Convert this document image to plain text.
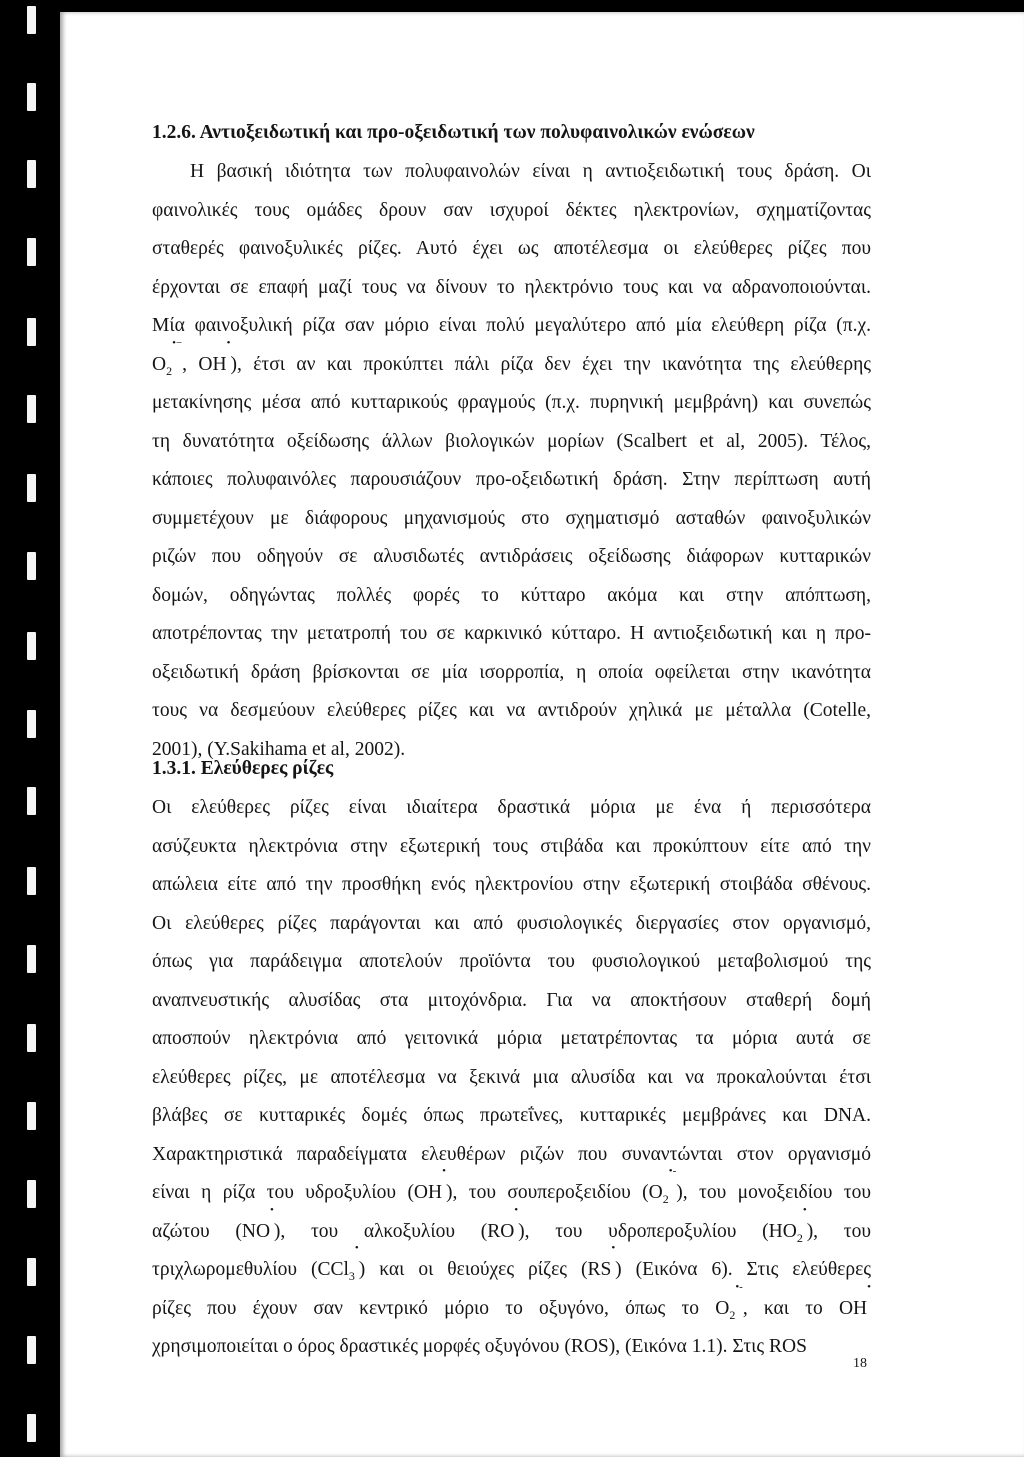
1.2.6. Αντιοξειδωτική και προ-οξειδωτική των πολυφαινολικών ενώσεων
Η βασική ιδιότητα των πολυφαινολών είναι η αντιοξειδωτική τους δράση. Οι
φαινολικές τους ομάδες δρουν σαν ισχυροί δέκτες ηλεκτρονίων, σχηματίζοντας
σταθερές φαινοξυλικές ρίζες. Αυτό έχει ως αποτέλεσμα οι ελεύθερες ρίζες που
έρχονται σε επαφή μαζί τους να δίνουν το ηλεκτρόνιο τους και να αδρανοποιούνται.
Μία φαινοξυλική ρίζα σαν μόριο είναι πολύ μεγαλύτερο από μία ελεύθερη ρίζα (π.χ.
$O_2^{•-}$, OH•), έτσι αν και προκύπτει πάλι ρίζα δεν έχει την ικανότητα της ελεύθερης
μετακίνησης μέσα από κυτταρικούς φραγμούς (π.χ. πυρηνική μεμβράνη) και συνεπώς
τη δυνατότητα οξείδωσης άλλων βιολογικών μορίων (Scalbert et al, 2005). Τέλος,
κάποιες πολυφαινόλες παρουσιάζουν προ-οξειδωτική δράση. Στην περίπτωση αυτή
συμμετέχουν με διάφορους μηχανισμούς στο σχηματισμό ασταθών φαινοξυλικών
ριζών που οδηγούν σε αλυσιδωτές αντιδράσεις οξείδωσης διάφορων κυτταρικών
δομών, οδηγώντας πολλές φορές το κύτταρο ακόμα και στην απόπτωση,
αποτρέποντας την μετατροπή του σε καρκινικό κύτταρο. Η αντιοξειδωτική και η προ-
οξειδωτική δράση βρίσκονται σε μία ισορροπία, η οποία οφείλεται στην ικανότητα
τους να δεσμεύουν ελεύθερες ρίζες και να αντιδρούν χηλικά με μέταλλα (Cotelle,
2001), (Y.Sakihama et al, 2002).
1.3.1. Ελεύθερες ρίζες
Οι ελεύθερες ρίζες είναι ιδιαίτερα δραστικά μόρια με ένα ή περισσότερα
ασύζευκτα ηλεκτρόνια στην εξωτερική τους στιβάδα και προκύπτουν είτε από την
απώλεια είτε από την προσθήκη ενός ηλεκτρονίου στην εξωτερική στοιβάδα σθένους.
Οι ελεύθερες ρίζες παράγονται και από φυσιολογικές διεργασίες στον οργανισμό,
όπως για παράδειγμα αποτελούν προϊόντα του φυσιολογικού μεταβολισμού της
αναπνευστικής αλυσίδας στα μιτοχόνδρια. Για να αποκτήσουν σταθερή δομή
αποσπούν ηλεκτρόνια από γειτονικά μόρια μετατρέποντας τα μόρια αυτά σε
ελεύθερες ρίζες, με αποτέλεσμα να ξεκινά μια αλυσίδα και να προκαλούνται έτσι
βλάβες σε κυτταρικές δομές όπως πρωτεΐνες, κυτταρικές μεμβράνες και DNA.
Χαρακτηριστικά παραδείγματα ελευθέρων ριζών που συναντώνται στον οργανισμό
είναι η ρίζα του υδροξυλίου (OH•), του σουπεροξειδίου $(O_2^{•-})$, του μονοξειδίου του
αζώτου (NO•), του αλκοξυλίου (RO•), του υδροπεροξυλίου $(HO_2^•)$, του
τριχλωρομεθυλίου (CCl$_3$•) και οι θειούχες ρίζες (RS•) (Εικόνα 6). Στις ελεύθερες
ρίζες που έχουν σαν κεντρικό μόριο το οξυγόνο, όπως το $O_2^{•-}$, και το OH•
χρησιμοποιείται ο όρος δραστικές μορφές οξυγόνου (ROS), (Εικόνα 1.1). Στις ROS
18
